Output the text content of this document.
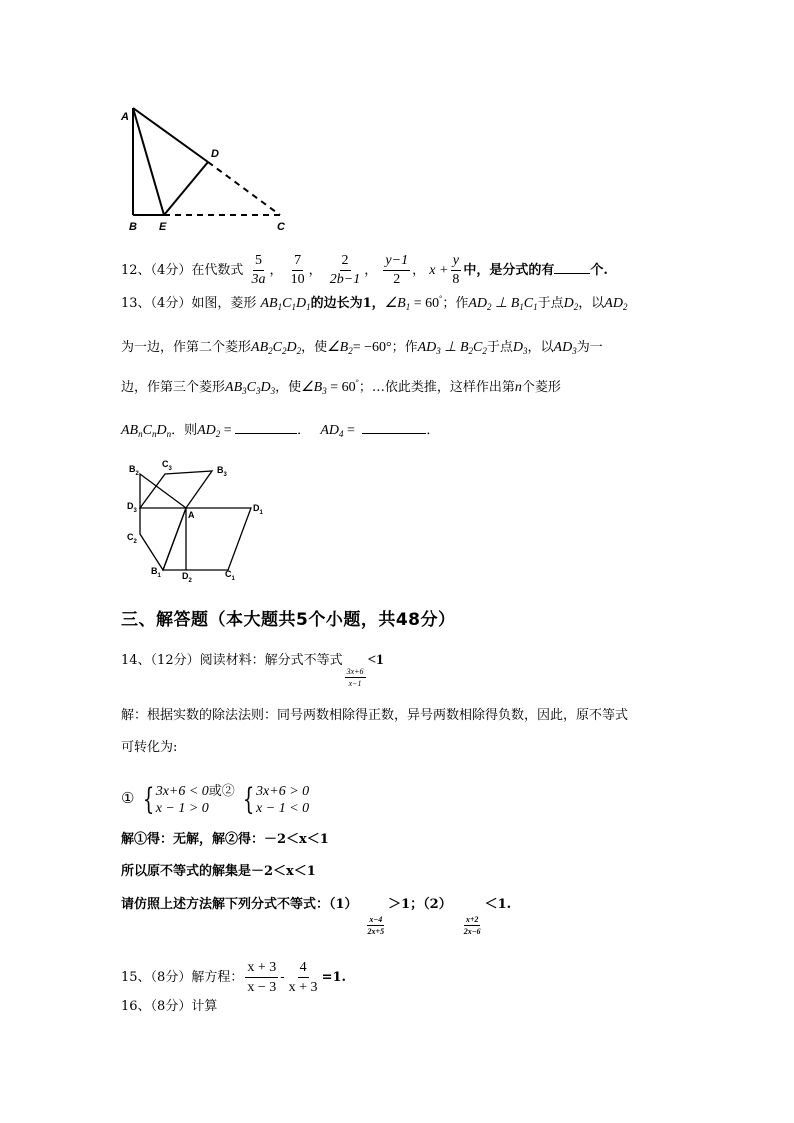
A
D
B E	C
12、（4分）在代数式 $\frac{5}{3a}$ ， $\frac{7}{10}$ ， $\frac{2}{2b-1}$ ， $\frac{y-1}{2}$ ， $x + \frac{y}{8}$ 中，是分式的有	个.
13、（4分）如图，菱形 $AB_1C_1D_1$的边长为1，$\angle B_1 = 60^\circ$；作$AD_2$ ⊥ $B_1C_1$于点$D_2$，以$AD_2$
为一边，作第二个菱形$AB_2C_2D_2$，使$\angle B_2= -60^\circ$；作$AD_3$ ⊥ $B_2C_2$于点$D_3$，以$AD_3$为一
边，作第三个菱形$AB_3C_3D_3$，使$\angle B_3 = 60^\circ$；…依此类推，这样作出第n个菱形
$AB_nC_nD_n$．则$AD_2$ =	． $AD_4$ =	．
$B_2$
$C_3$	$B_3$
$D_3$	A
$D_1$
$C_2$
$B_1$ $D_2$
$C_1$
三、解答题（本大题共5个小题，共48分）
14、（12分）阅读材料：解分式不等式
$\frac{3x+6}{x-1}$
<1
解：根据实数的除法法则：同号两数相除得正数，异号两数相除得负数，因此，原不等式
可转化为:
① { 3x+6 < 0
x − 1 > 0
或② { 3x+6 > 0
x − 1 < 0
解①得：无解，解②得：－2＜x＜1
所以原不等式的解集是－2＜x＜1
请仿照上述方法解下列分式不等式：（1）
$\frac{x-4}{2x+5}$
＞1；（2）
$\frac{x+2}{2x-6}$
＜1.
15、（8分）解方程： $\frac{x + 3}{x - 3} - \frac{4}{x + 3} =1$.
16、（8分）计算
